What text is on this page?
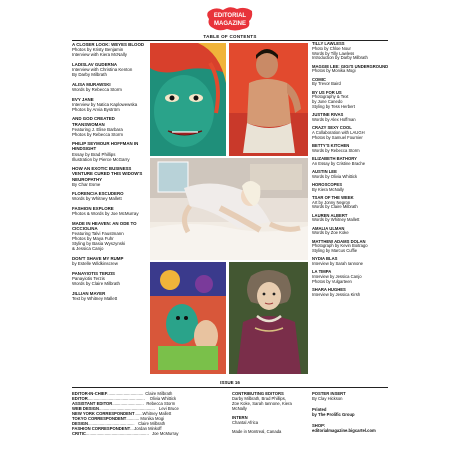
EDITORIAL
MAGAZINE
TABLE OF CONTENTS
A CLOSER LOOK: WEYES BLOOD
Photos by Kristy Benjamin
Interview with Kiera McNally
LADISLAV GUDERNA
Interview with Christina Kenton
By Darby Milbrath
ALISA MURAWSKI
Words by Rebecca Storm
EVY JANE
Interview by Natica Kaplowewska
Photos by Arvia Byström
AND GOD CREATED TRANSWOMAN
Featuring J. Elise Barbara
Photos by Rebecca Storm
PHILIP SEYMOUR HOFFMAN IN HINDSIGHT
Essay by Brad Phillips
Illustration by Pierce McGarry
HOW AN EXOTIC BUSINESS VENTURE CURED THIS WIDOW'S NEUROPATHY
By Char Esme
FLORENCIA ESCUDERO
Words by Whitney Mallett
FASHION EXPLORE
Photos & Words by Joe McMurray
MADE IN HEAVEN: AN ODE TO CICCIOLINA
Featuring Talvi Faustmann
Photos by Maya Fuhr
Styling by Basia Wyszynski
& Jessica Canjo
DON'T SHAVE MY RUMP
by Estelle Wildkinscrew
PANAYIOTIS TERZIS
Panayiotis Terzis
Words by Claire Milbrath
JILLIAN MAYER
Text by Whitney Mallett
TILLY LAWLESS
Photo by Chloe Nour
Words by Tilly Lawless
Introduction by Darby Milbrath
MAGGIE LEE: GIGI'S UNDERGROUND
Photos by Monika Mogi
COMIC
By Trevor Baird
BY US FOR US
Photography & Text
by June Canedo
Styling by Tess Herbert
JUSTINE RIVAS
Words by Alex Hoffman
CRAZY SEXY COOL
A Collaboration with LAUGH
Photos by Samuel Fournier
BETTY'S KITCHEN
Words by Rebecca Storm
ELIZABETH BATHORY
An Essay by Cristine Brache
AUSTIN LEE
Words by Olivia Whittick
HOROSCOPES
By Kiera McNally
TSAR OF THE WEEK
Art by Jonny Negron
Words by Claire Milbrath
LAUREN ALBERT
Words by Whitney Mallett
AMALIA ULMAN
Words by Zoe Koke
MATTHEW ADAMS DOLAN
Photograph by Kevin Boitrago
Styling by Marcus Cuffie
NYDIA BLAS
Interview by Sarah Iannone
LA TIMPA
Interview by Jessica Canjo
Photos by Vulgarteen
SHARA HUGHES
Interview by Jessica Kirsh
ISSUE 16
EDITOR-IN-CHIEF............................... Claire Milbrath
EDITOR................................................. Olivia Whittick
ASSISTANT EDITOR........................... Rebecca Storm
WEB DESIGN................................................ Levi Bruce
NEW YORK CORRESPONDENT.......Whitney Mallett
TOKYO CORRESPONDENT...........Monika Mogi
DESIGN........................................ Claire Milbrath
FASHION CORRESPONDENT...Jordan Minkoff
CRITIC...................................................... Joe McMurray
CONTRIBUTING EDITORS
Darby Milbrath, Brad Phillips,
Zoe Koke, Sarah Iannone, Kiera
McNally
INTERN
Chantal Africa
Made in Montreal, Canada
POSTER INSERT
By Clay Hickson
Printed
by The Prolific Group
SHOP:
editorialmagazine.bigcartel.com
